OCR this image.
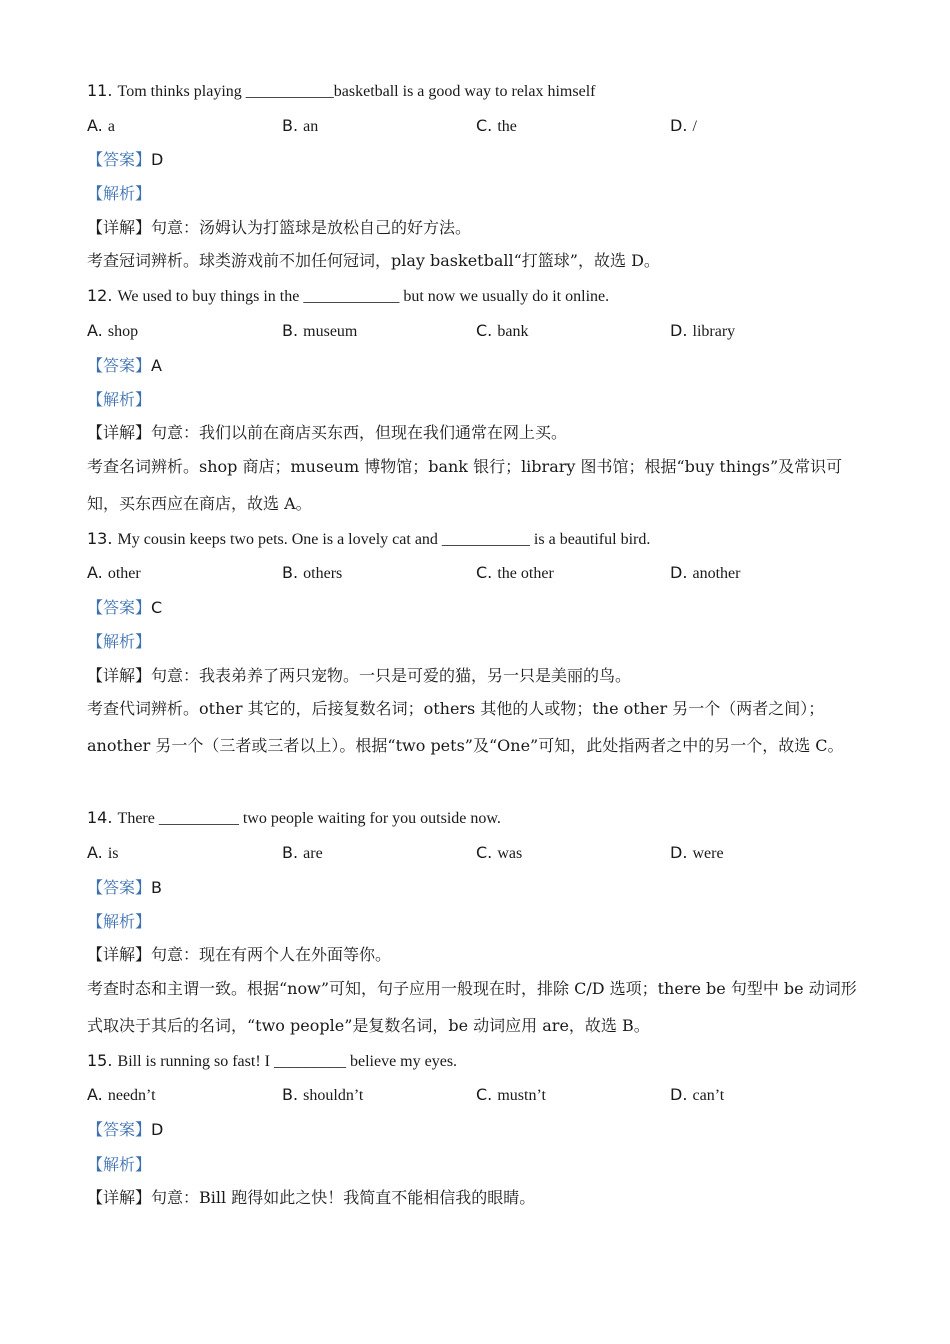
11. Tom thinks playing ___________basketball is a good way to relax himself
A. a	B. an	C. the	D. /
【答案】D
【解析】
【详解】句意：汤姆认为打篮球是放松自己的好方法。
考查冠词辨析。球类游戏前不加任何冠词，play basketball“打篮球”，故选 D。
12. We used to buy things in the ____________ but now we usually do it online.
A. shop	B. museum	C. bank	D. library
【答案】A
【解析】
【详解】句意：我们以前在商店买东西，但现在我们通常在网上买。
考查名词辨析。shop 商店；museum 博物馆；bank 银行；library 图书馆；根据“buy things”及常识可知，买东西应在商店，故选 A。
13. My cousin keeps two pets. One is a lovely cat and ___________ is a beautiful bird.
A. other	B. others	C. the other	D. another
【答案】C
【解析】
【详解】句意：我表弟养了两只宠物。一只是可爱的猫，另一只是美丽的鸟。
考查代词辨析。other 其它的，后接复数名词；others 其他的人或物；the other 另一个（两者之间）；another 另一个（三者或三者以上）。根据“two pets”及“One”可知，此处指两者之中的另一个，故选 C。
14. There __________ two people waiting for you outside now.
A. is	B. are	C. was	D. were
【答案】B
【解析】
【详解】句意：现在有两个人在外面等你。
考查时态和主谓一致。根据“now”可知，句子应用一般现在时，排除 C/D 选项；there be 句型中 be 动词形式取决于其后的名词，“two people”是复数名词，be 动词应用 are，故选 B。
15. Bill is running so fast! I _________ believe my eyes.
A. needn’t	B. shouldn’t	C. mustn’t	D. can’t
【答案】D
【解析】
【详解】句意：Bill 跑得如此之快！我简直不能相信我的眼睛。
